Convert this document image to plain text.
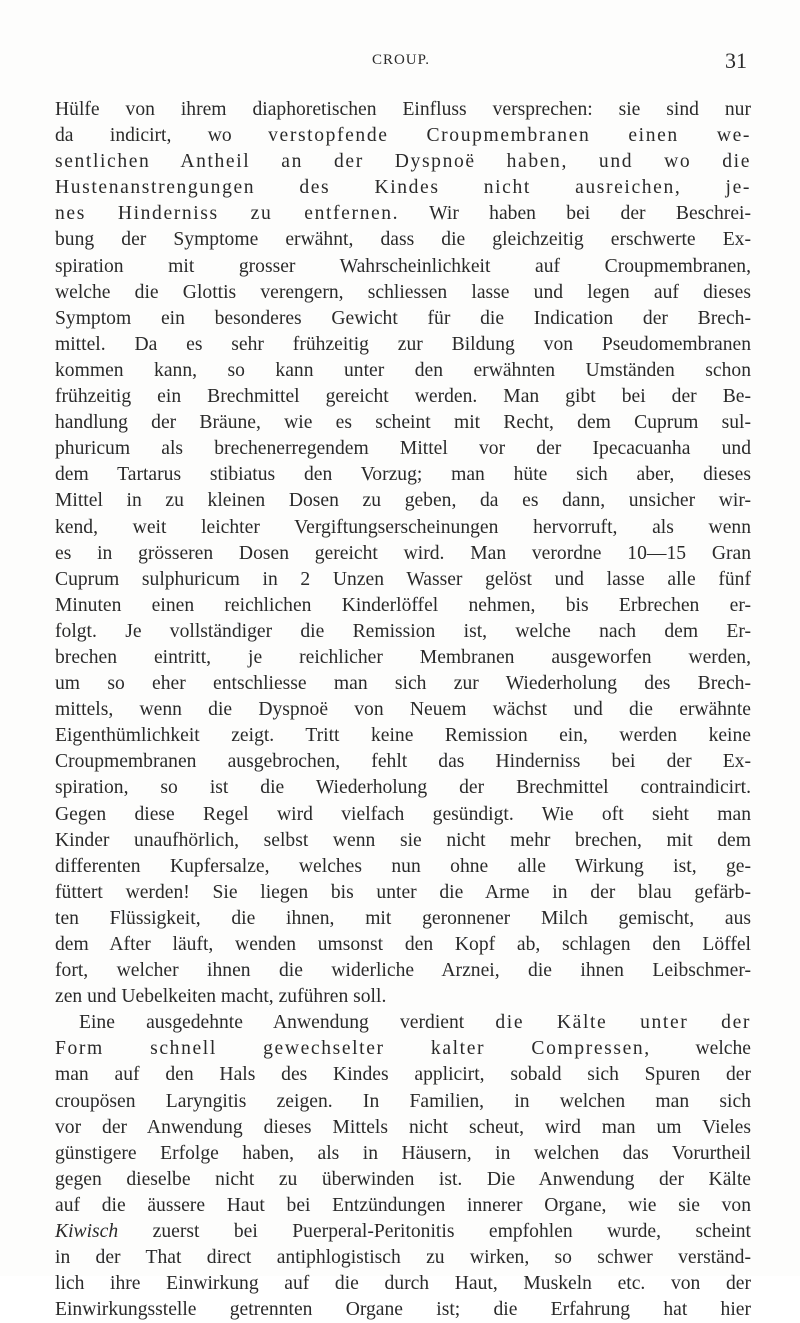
CROUP.	31
Hülfe von ihrem diaphoretischen Einfluss versprechen: sie sind nur
da indicirt, wo verstopfende Croupmembranen einen we-
sentlichen Antheil an der Dyspnoë haben, und wo die
Hustenanstrengungen des Kindes nicht ausreichen, je-
nes Hinderniss zu entfernen. Wir haben bei der Beschrei-
bung der Symptome erwähnt, dass die gleichzeitig erschwerte Ex-
spiration mit grosser Wahrscheinlichkeit auf Croupmembranen,
welche die Glottis verengern, schliessen lasse und legen auf dieses
Symptom ein besonderes Gewicht für die Indication der Brech-
mittel. Da es sehr frühzeitig zur Bildung von Pseudomembranen
kommen kann, so kann unter den erwähnten Umständen schon
frühzeitig ein Brechmittel gereicht werden. Man gibt bei der Be-
handlung der Bräune, wie es scheint mit Recht, dem Cuprum sul-
phuricum als brechenerregendem Mittel vor der Ipecacuanha und
dem Tartarus stibiatus den Vorzug; man hüte sich aber, dieses
Mittel in zu kleinen Dosen zu geben, da es dann, unsicher wir-
kend, weit leichter Vergiftungserscheinungen hervorruft, als wenn
es in grösseren Dosen gereicht wird. Man verordne 10—15 Gran
Cuprum sulphuricum in 2 Unzen Wasser gelöst und lasse alle fünf
Minuten einen reichlichen Kinderlöffel nehmen, bis Erbrechen er-
folgt. Je vollständiger die Remission ist, welche nach dem Er-
brechen eintritt, je reichlicher Membranen ausgeworfen werden,
um so eher entschliesse man sich zur Wiederholung des Brech-
mittels, wenn die Dyspnoë von Neuem wächst und die erwähnte
Eigenthümlichkeit zeigt. Tritt keine Remission ein, werden keine
Croupmembranen ausgebrochen, fehlt das Hinderniss bei der Ex-
spiration, so ist die Wiederholung der Brechmittel contraindicirt.
Gegen diese Regel wird vielfach gesündigt. Wie oft sieht man
Kinder unaufhörlich, selbst wenn sie nicht mehr brechen, mit dem
differenten Kupfersalze, welches nun ohne alle Wirkung ist, ge-
füttert werden! Sie liegen bis unter die Arme in der blau gefärb-
ten Flüssigkeit, die ihnen, mit geronnener Milch gemischt, aus
dem After läuft, wenden umsonst den Kopf ab, schlagen den Löffel
fort, welcher ihnen die widerliche Arznei, die ihnen Leibschmer-
zen und Uebelkeiten macht, zuführen soll.
Eine ausgedehnte Anwendung verdient die Kälte unter der
Form schnell gewechselter kalter Compressen, welche
man auf den Hals des Kindes applicirt, sobald sich Spuren der
croupösen Laryngitis zeigen. In Familien, in welchen man sich
vor der Anwendung dieses Mittels nicht scheut, wird man um Vieles
günstigere Erfolge haben, als in Häusern, in welchen das Vorurtheil
gegen dieselbe nicht zu überwinden ist. Die Anwendung der Kälte
auf die äussere Haut bei Entzündungen innerer Organe, wie sie von
Kiwisch zuerst bei Puerperal-Peritonitis empfohlen wurde, scheint
in der That direct antiphlogistisch zu wirken, so schwer verständ-
lich ihre Einwirkung auf die durch Haut, Muskeln etc. von der
Einwirkungsstelle getrennten Organe ist; die Erfahrung hat hier
